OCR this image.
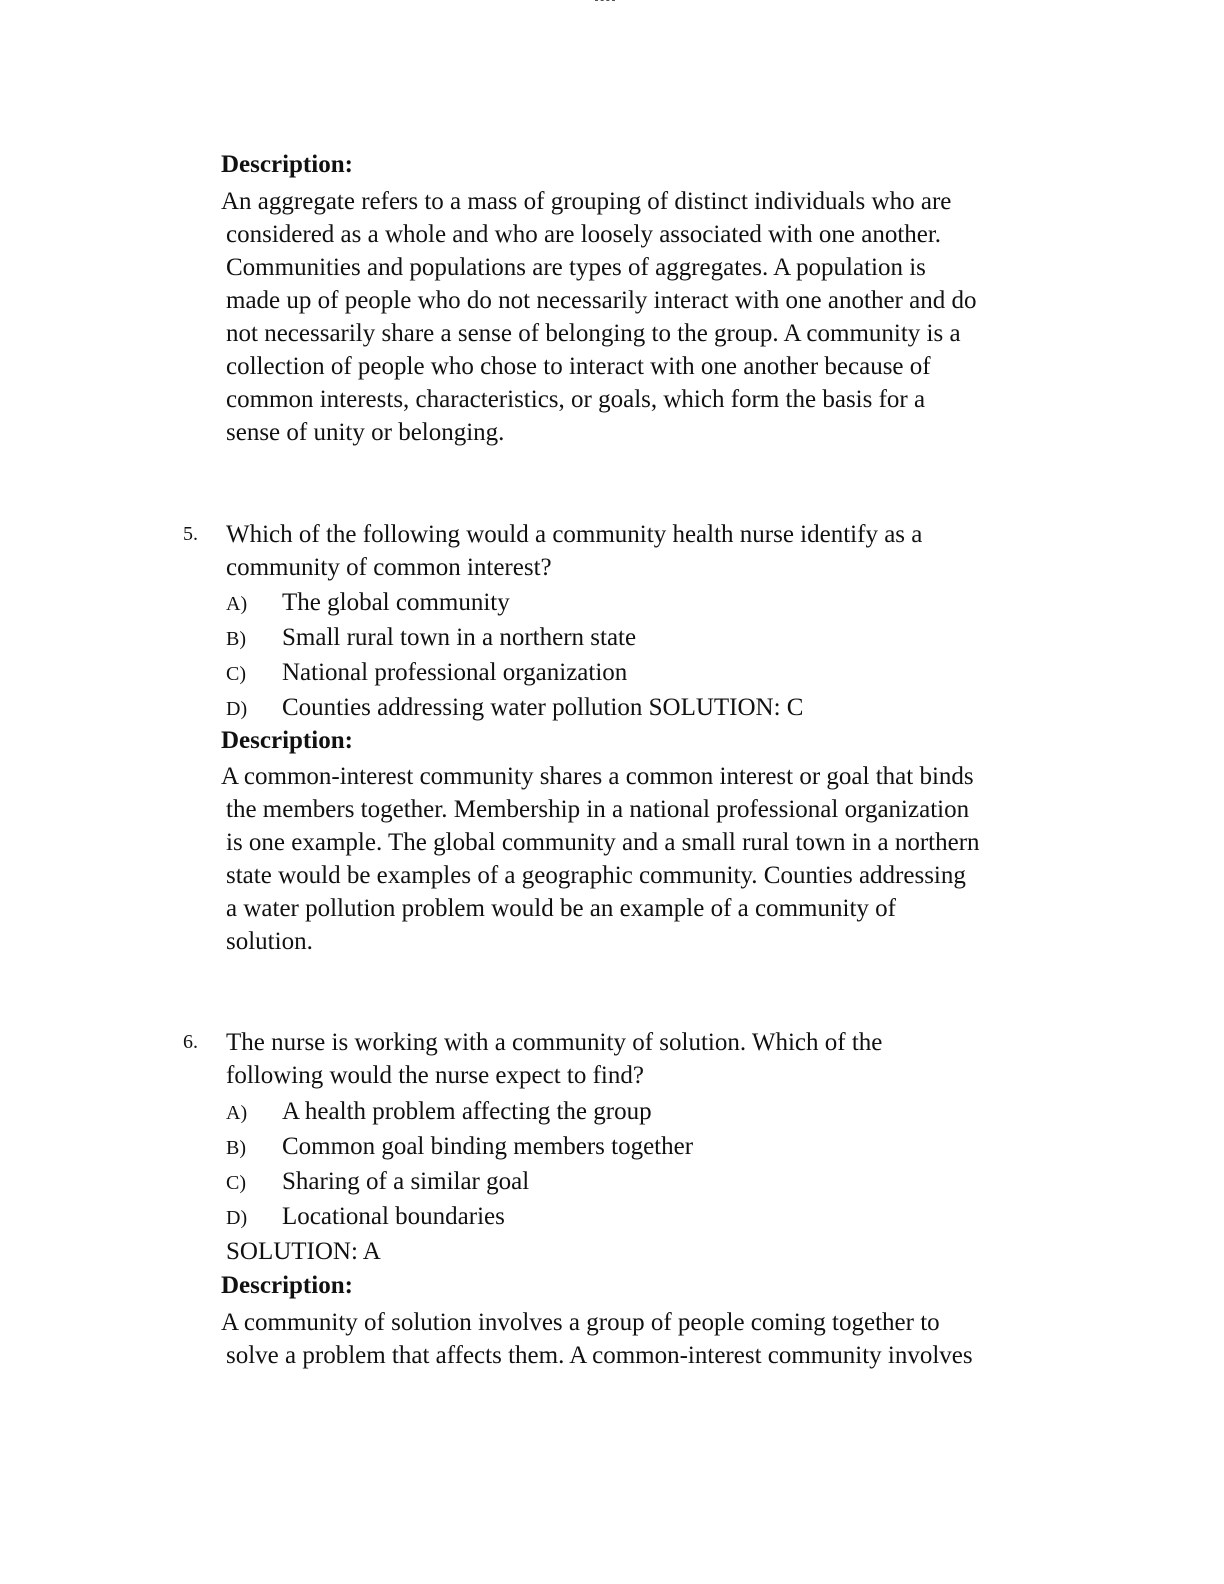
Description:
An aggregate refers to a mass of grouping of distinct individuals who are
considered as a whole and who are loosely associated with one another.
Communities and populations are types of aggregates. A population is
made up of people who do not necessarily interact with one another and do
not necessarily share a sense of belonging to the group. A community is a
collection of people who chose to interact with one another because of
common interests, characteristics, or goals, which form the basis for a
sense of unity or belonging.
5. Which of the following would a community health nurse identify as a
community of common interest?
A) The global community
B) Small rural town in a northern state
C) National professional organization
D) Counties addressing water pollution SOLUTION: C
Description:
A common-interest community shares a common interest or goal that binds
the members together. Membership in a national professional organization
is one example. The global community and a small rural town in a northern
state would be examples of a geographic community. Counties addressing
a water pollution problem would be an example of a community of
solution.
6. The nurse is working with a community of solution. Which of the
following would the nurse expect to find?
A) A health problem affecting the group
B) Common goal binding members together
C) Sharing of a similar goal
D) Locational boundaries
SOLUTION: A
Description:
A community of solution involves a group of people coming together to
solve a problem that affects them. A common-interest community involves
